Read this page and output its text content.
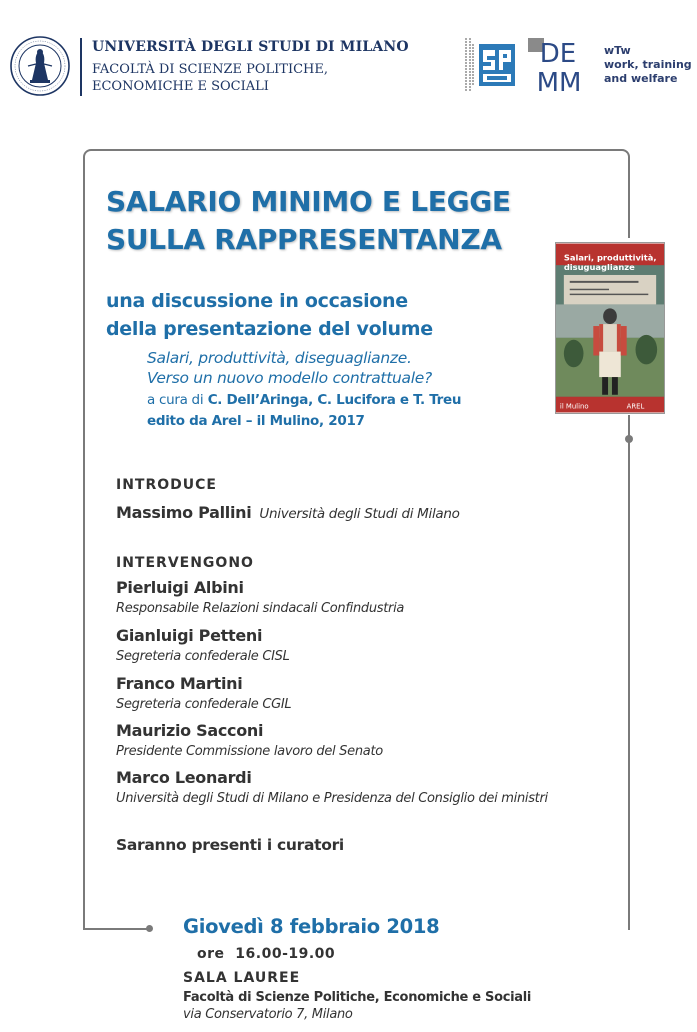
UNIVERSITÀ DEGLI STUDI DI MILANO
FACOLTÀ DI SCIENZE POLITICHE,
ECONOMICHE E SOCIALI
DE
MM
wTw
work, training
and welfare
SALARIO MINIMO E LEGGE
SULLA RAPPRESENTANZA
una discussione in occasione
della presentazione del volume
Salari, produttività, diseguaglianze.
Verso un nuovo modello contrattuale?
a cura di C. Dell’Aringa, C. Lucifora e T. Treu
edito da Arel – il Mulino, 2017
Salari, produttività,
disuguaglianze
il Mulino	AREL
INTRODUCE
Massimo Pallini Università degli Studi di Milano
INTERVENGONO
Pierluigi Albini
Responsabile Relazioni sindacali Confindustria
Gianluigi Petteni
Segreteria confederale CISL
Franco Martini
Segreteria confederale CGIL
Maurizio Sacconi
Presidente Commissione lavoro del Senato
Marco Leonardi
Università degli Studi di Milano e Presidenza del Consiglio dei ministri
Saranno presenti i curatori
Giovedì 8 febbraio 2018
ore 16.00-19.00
SALA LAUREE
Facoltà di Scienze Politiche, Economiche e Sociali
via Conservatorio 7, Milano
